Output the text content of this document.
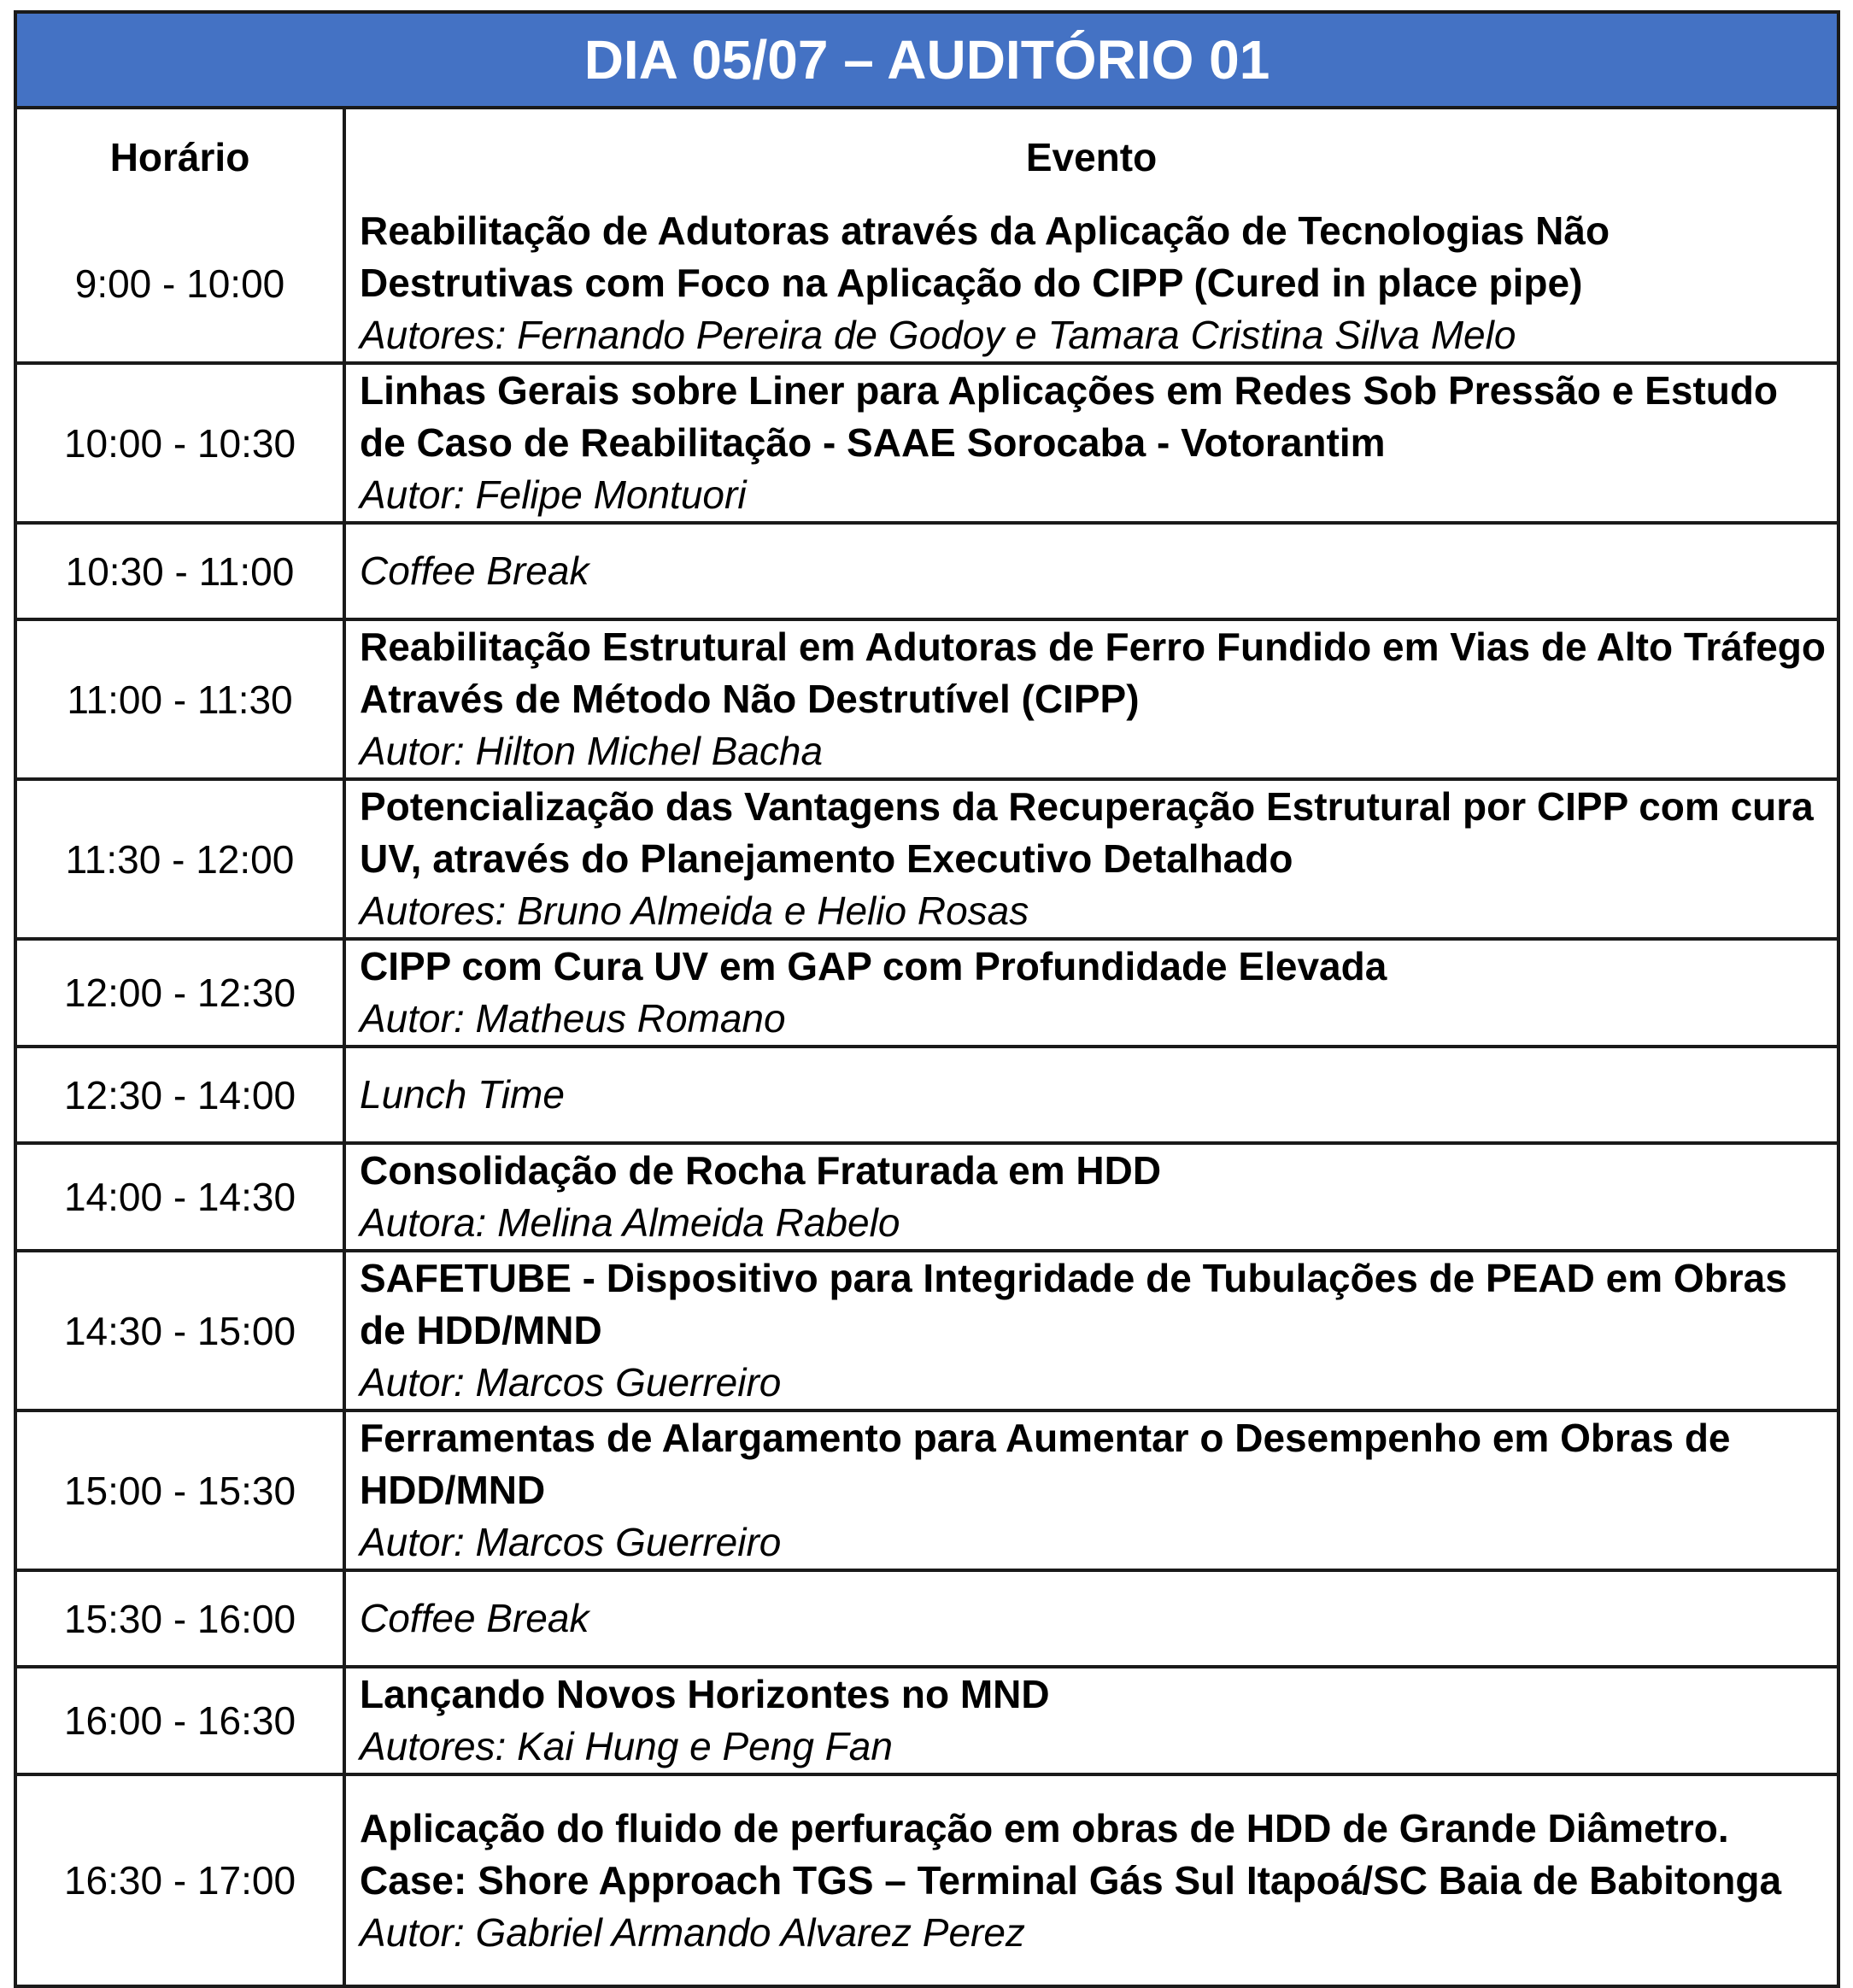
DIA 05/07 – AUDITÓRIO 01
Horário	Evento
9:00 - 10:00	Reabilitação de Adutoras através da Aplicação de Tecnologias Não Destrutivas com Foco na Aplicação do CIPP (Cured in place pipe)
Autores: Fernando Pereira de Godoy e Tamara Cristina Silva Melo

10:00 - 10:30	Linhas Gerais sobre Liner para Aplicações em Redes Sob Pressão e Estudo de Caso de Reabilitação - SAAE Sorocaba - Votorantim
Autor: Felipe Montuori

10:30 - 11:00	Coffee Break

11:00 - 11:30	Reabilitação Estrutural em Adutoras de Ferro Fundido em Vias de Alto Tráfego Através de Método Não Destrutível (CIPP)
Autor: Hilton Michel Bacha

11:30 - 12:00	Potencialização das Vantagens da Recuperação Estrutural por CIPP com cura UV, através do Planejamento Executivo Detalhado
Autores: Bruno Almeida e Helio Rosas

12:00 - 12:30	CIPP com Cura UV em GAP com Profundidade Elevada
Autor: Matheus Romano

12:30 - 14:00	Lunch Time

14:00 - 14:30	Consolidação de Rocha Fraturada em HDD
Autora: Melina Almeida Rabelo

14:30 - 15:00	SAFETUBE - Dispositivo para Integridade de Tubulações de PEAD em Obras de HDD/MND
Autor: Marcos Guerreiro

15:00 - 15:30	Ferramentas de Alargamento para Aumentar o Desempenho em Obras de HDD/MND
Autor: Marcos Guerreiro

15:30 - 16:00	Coffee Break

16:00 - 16:30	Lançando Novos Horizontes no MND
Autores: Kai Hung e Peng Fan

16:30 - 17:00	Aplicação do fluido de perfuração em obras de HDD de Grande Diâmetro. Case: Shore Approach TGS – Terminal Gás Sul Itapoá/SC Baia de Babitonga
Autor: Gabriel Armando Alvarez Perez
